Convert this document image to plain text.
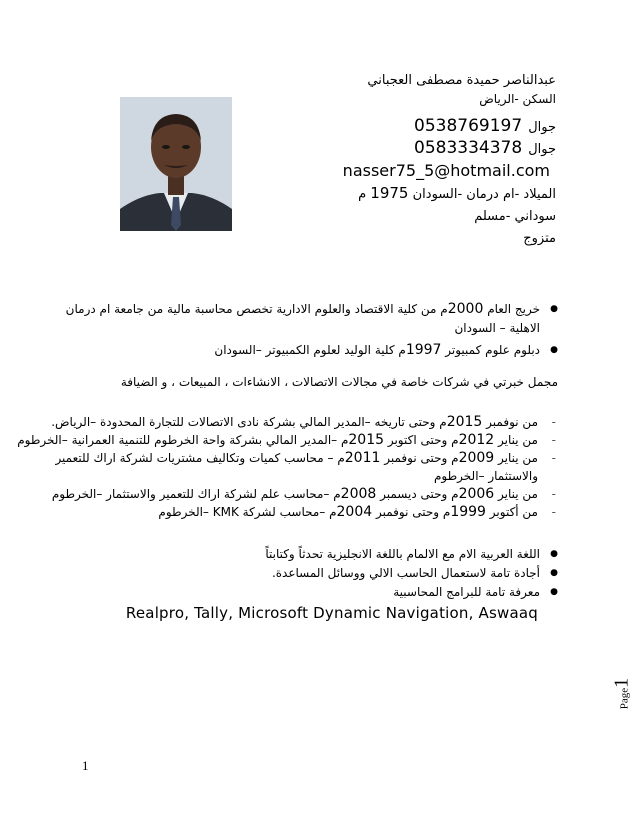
عبدالناصر حميدة مصطفى العجباني
السكن -الرياض
0538769197 جوال
0583334378 جوال
nasser75_5@hotmail.com
الميلاد -ام درمان -السودان 1975 م
سوداني -مسلم
متزوج
● خريج العام 2000م من كلية الاقتصاد والعلوم الادارية تخصص محاسبة مالية من جامعة ام درمان الاهلية – السودان
● دبلوم علوم كمبيوتر 1997م كلية الوليد لعلوم الكمبيوتر –السودان
مجمل خبرتي في شركات خاصة في مجالات الاتصالات ، الانشاءات ، المبيعات ، و الضيافة
- من نوفمبر 2015م وحتى تاريخه –المدير المالي بشركة نادى الاتصالات للتجارة المحدودة –الرياض.
- من يناير 2012م وحتى اكتوبر 2015م –المدير المالي بشركة واحة الخرطوم للتنمية العمرانية –الخرطوم
- من يناير 2009م وحتى نوفمبر 2011م – محاسب كميات وتكاليف مشتريات لشركة اراك للتعمير والاستثمار –الخرطوم
- من يناير 2006م وحتى ديسمبر 2008م –محاسب علم لشركة اراك للتعمير والاستثمار –الخرطوم
- من أكتوبر 1999م وحتى نوفمبر 2004م –محاسب لشركة KMK –الخرطوم
● اللغة العربية الام مع الالمام باللغة الانجليزية تحدثاً وكتابتاً
● أجادة تامة لاستعمال الحاسب الالي ووسائل المساعدة.
● معرفة تامة للبرامج المحاسبية
Realpro, Tally, Microsoft Dynamic Navigation, Aswaaq
Page1
1
